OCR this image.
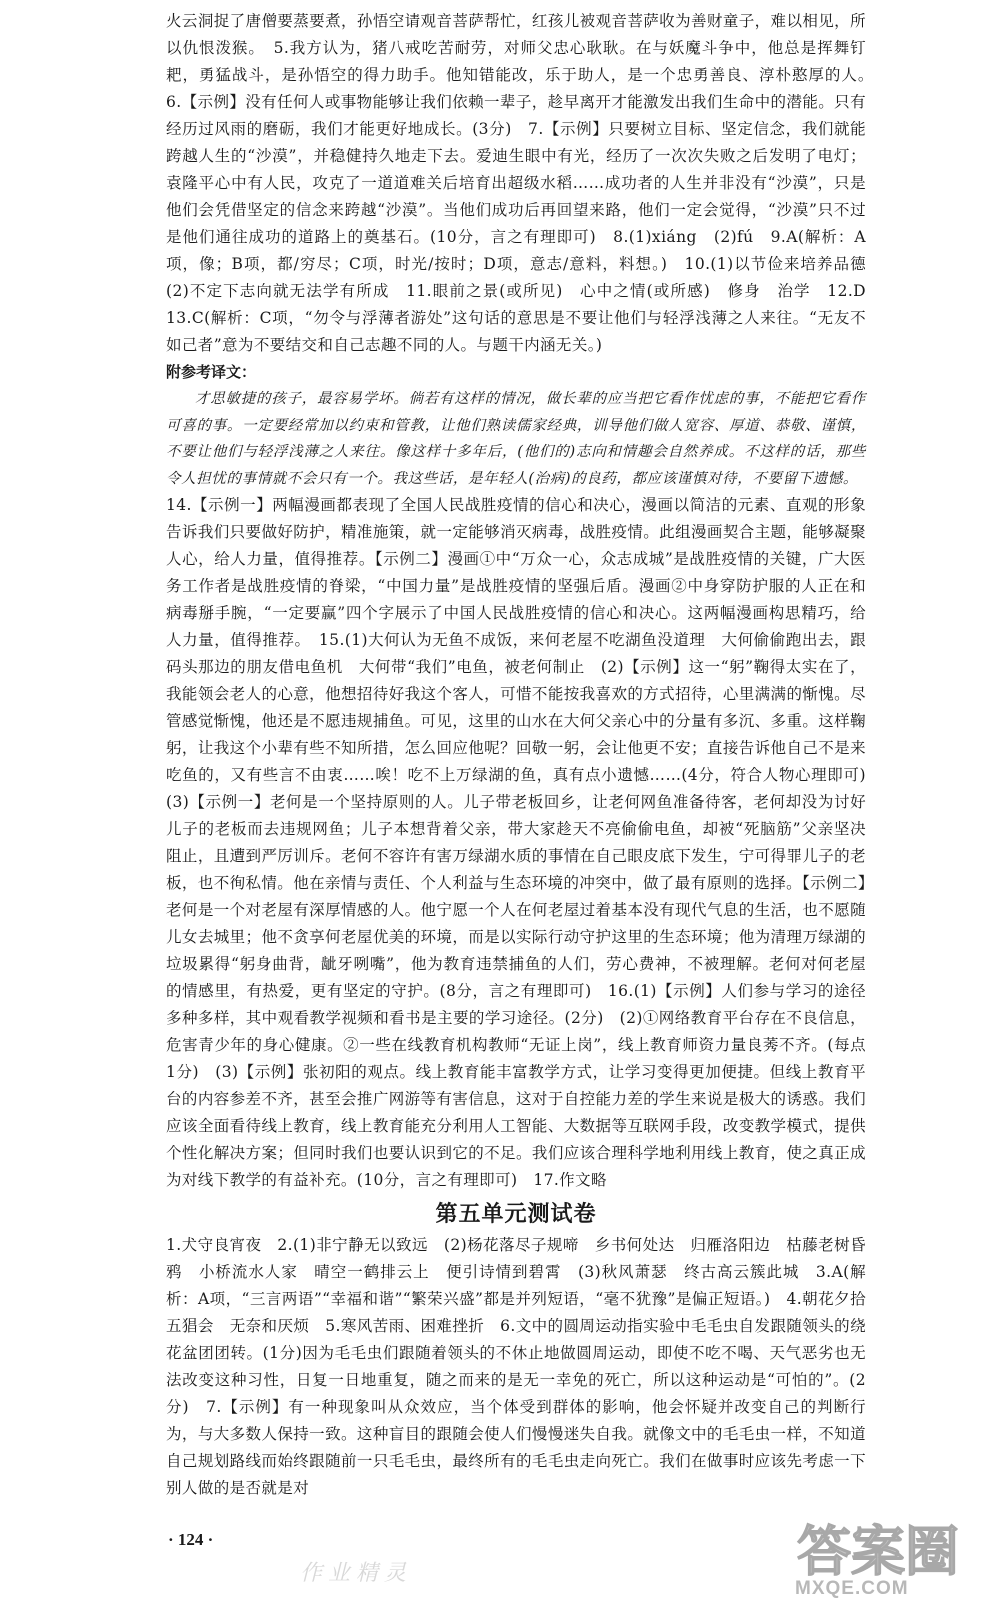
火云洞捉了唐僧要蒸要煮，孙悟空请观音菩萨帮忙，红孩儿被观音菩萨收为善财童子，难以相见，所以仇恨泼猴。　5.我方认为，猪八戒吃苦耐劳，对师父忠心耿耿。在与妖魔斗争中，他总是挥舞钉耙，勇猛战斗，是孙悟空的得力助手。他知错能改，乐于助人，是一个忠勇善良、淳朴憨厚的人。　6.【示例】没有任何人或事物能够让我们依赖一辈子，趁早离开才能激发出我们生命中的潜能。只有经历过风雨的磨砺，我们才能更好地成长。(3分)　7.【示例】只要树立目标、坚定信念，我们就能跨越人生的“沙漠”，并稳健持久地走下去。爱迪生眼中有光，经历了一次次失败之后发明了电灯；袁隆平心中有人民，攻克了一道道难关后培育出超级水稻……成功者的人生并非没有“沙漠”，只是他们会凭借坚定的信念来跨越“沙漠”。当他们成功后再回望来路，他们一定会觉得，“沙漠”只不过是他们通往成功的道路上的奠基石。(10分，言之有理即可)　8.(1)xiáng　(2)fú　9.A(解析：A项，像；B项，都/穷尽；C项，时光/按时；D项，意志/意料，料想。)　10.(1)以节俭来培养品德　(2)不定下志向就无法学有所成　11.眼前之景(或所见)　心中之情(或所感)　修身　治学　12.D　13.C(解析：C项，“勿令与浮薄者游处”这句话的意思是不要让他们与轻浮浅薄之人来往。“无友不如己者”意为不要结交和自己志趣不同的人。与题干内涵无关。)

附参考译文：

才思敏捷的孩子，最容易学坏。倘若有这样的情况，做长辈的应当把它看作忧虑的事，不能把它看作可喜的事。一定要经常加以约束和管教，让他们熟读儒家经典，训导他们做人宽容、厚道、恭敬、谨慎，不要让他们与轻浮浅薄之人来往。像这样十多年后，(他们的)志向和情趣会自然养成。不这样的话，那些令人担忧的事情就不会只有一个。我这些话，是年轻人(治病)的良药，都应该谨慎对待，不要留下遗憾。

14.【示例一】两幅漫画都表现了全国人民战胜疫情的信心和决心，漫画以简洁的元素、直观的形象告诉我们只要做好防护，精准施策，就一定能够消灭病毒，战胜疫情。此组漫画契合主题，能够凝聚人心，给人力量，值得推荐。【示例二】漫画①中“万众一心，众志成城”是战胜疫情的关键，广大医务工作者是战胜疫情的脊梁，“中国力量”是战胜疫情的坚强后盾。漫画②中身穿防护服的人正在和病毒掰手腕，“一定要赢”四个字展示了中国人民战胜疫情的信心和决心。这两幅漫画构思精巧，给人力量，值得推荐。　15.(1)大何认为无鱼不成饭，来何老屋不吃湖鱼没道理　大何偷偷跑出去，跟码头那边的朋友借电鱼机　大何带“我们”电鱼，被老何制止　(2)【示例】这一“躬”鞠得太实在了，我能领会老人的心意，他想招待好我这个客人，可惜不能按我喜欢的方式招待，心里满满的惭愧。尽管感觉惭愧，他还是不愿违规捕鱼。可见，这里的山水在大何父亲心中的分量有多沉、多重。这样鞠躬，让我这个小辈有些不知所措，怎么回应他呢？回敬一躬，会让他更不安；直接告诉他自己不是来吃鱼的，又有些言不由衷……唉！吃不上万绿湖的鱼，真有点小遗憾……(4分，符合人物心理即可)　(3)【示例一】老何是一个坚持原则的人。儿子带老板回乡，让老何网鱼准备待客，老何却没为讨好儿子的老板而去违规网鱼；儿子本想背着父亲，带大家趁天不亮偷偷电鱼，却被“死脑筋”父亲坚决阻止，且遭到严厉训斥。老何不容许有害万绿湖水质的事情在自己眼皮底下发生，宁可得罪儿子的老板，也不徇私情。他在亲情与责任、个人利益与生态环境的冲突中，做了最有原则的选择。【示例二】老何是一个对老屋有深厚情感的人。他宁愿一个人在何老屋过着基本没有现代气息的生活，也不愿随儿女去城里；他不贪享何老屋优美的环境，而是以实际行动守护这里的生态环境；他为清理万绿湖的垃圾累得“躬身曲背，龇牙咧嘴”，他为教育违禁捕鱼的人们，劳心费神，不被理解。老何对何老屋的情感里，有热爱，更有坚定的守护。(8分，言之有理即可)　16.(1)【示例】人们参与学习的途径多种多样，其中观看教学视频和看书是主要的学习途径。(2分)　(2)①网络教育平台存在不良信息，危害青少年的身心健康。②一些在线教育机构教师“无证上岗”，线上教育师资力量良莠不齐。(每点1分)　(3)【示例】张初阳的观点。线上教育能丰富教学方式，让学习变得更加便捷。但线上教育平台的内容参差不齐，甚至会推广网游等有害信息，这对于自控能力差的学生来说是极大的诱惑。我们应该全面看待线上教育，线上教育能充分利用人工智能、大数据等互联网手段，改变教学模式，提供个性化解决方案；但同时我们也要认识到它的不足。我们应该合理科学地利用线上教育，使之真正成为对线下教学的有益补充。(10分，言之有理即可)　17.作文略

第五单元测试卷

1.犬守良宵夜　2.(1)非宁静无以致远　(2)杨花落尽子规啼　乡书何处达　归雁洛阳边　枯藤老树昏鸦　小桥流水人家　晴空一鹤排云上　便引诗情到碧霄　(3)秋风萧瑟　终古高云簇此城　3.A(解析：A项，“三言两语”“幸福和谐”“繁荣兴盛”都是并列短语，“毫不犹豫”是偏正短语。)　4.朝花夕拾　五猖会　无奈和厌烦　5.寒风苦雨、困难挫折　6.文中的圆周运动指实验中毛毛虫自发跟随领头的绕花盆团团转。(1分)因为毛毛虫们跟随着领头的不休止地做圆周运动，即使不吃不喝、天气恶劣也无法改变这种习性，日复一日地重复，随之而来的是无一幸免的死亡，所以这种运动是“可怕的”。(2分)　7.【示例】有一种现象叫从众效应，当个体受到群体的影响，他会怀疑并改变自己的判断行为，与大多数人保持一致。这种盲目的跟随会使人们慢慢迷失自我。就像文中的毛毛虫一样，不知道自己规划路线而始终跟随前一只毛毛虫，最终所有的毛毛虫走向死亡。我们在做事时应该先考虑一下别人做的是否就是对

· 124 ·
作业精灵	答案圈
MXQE.COM
